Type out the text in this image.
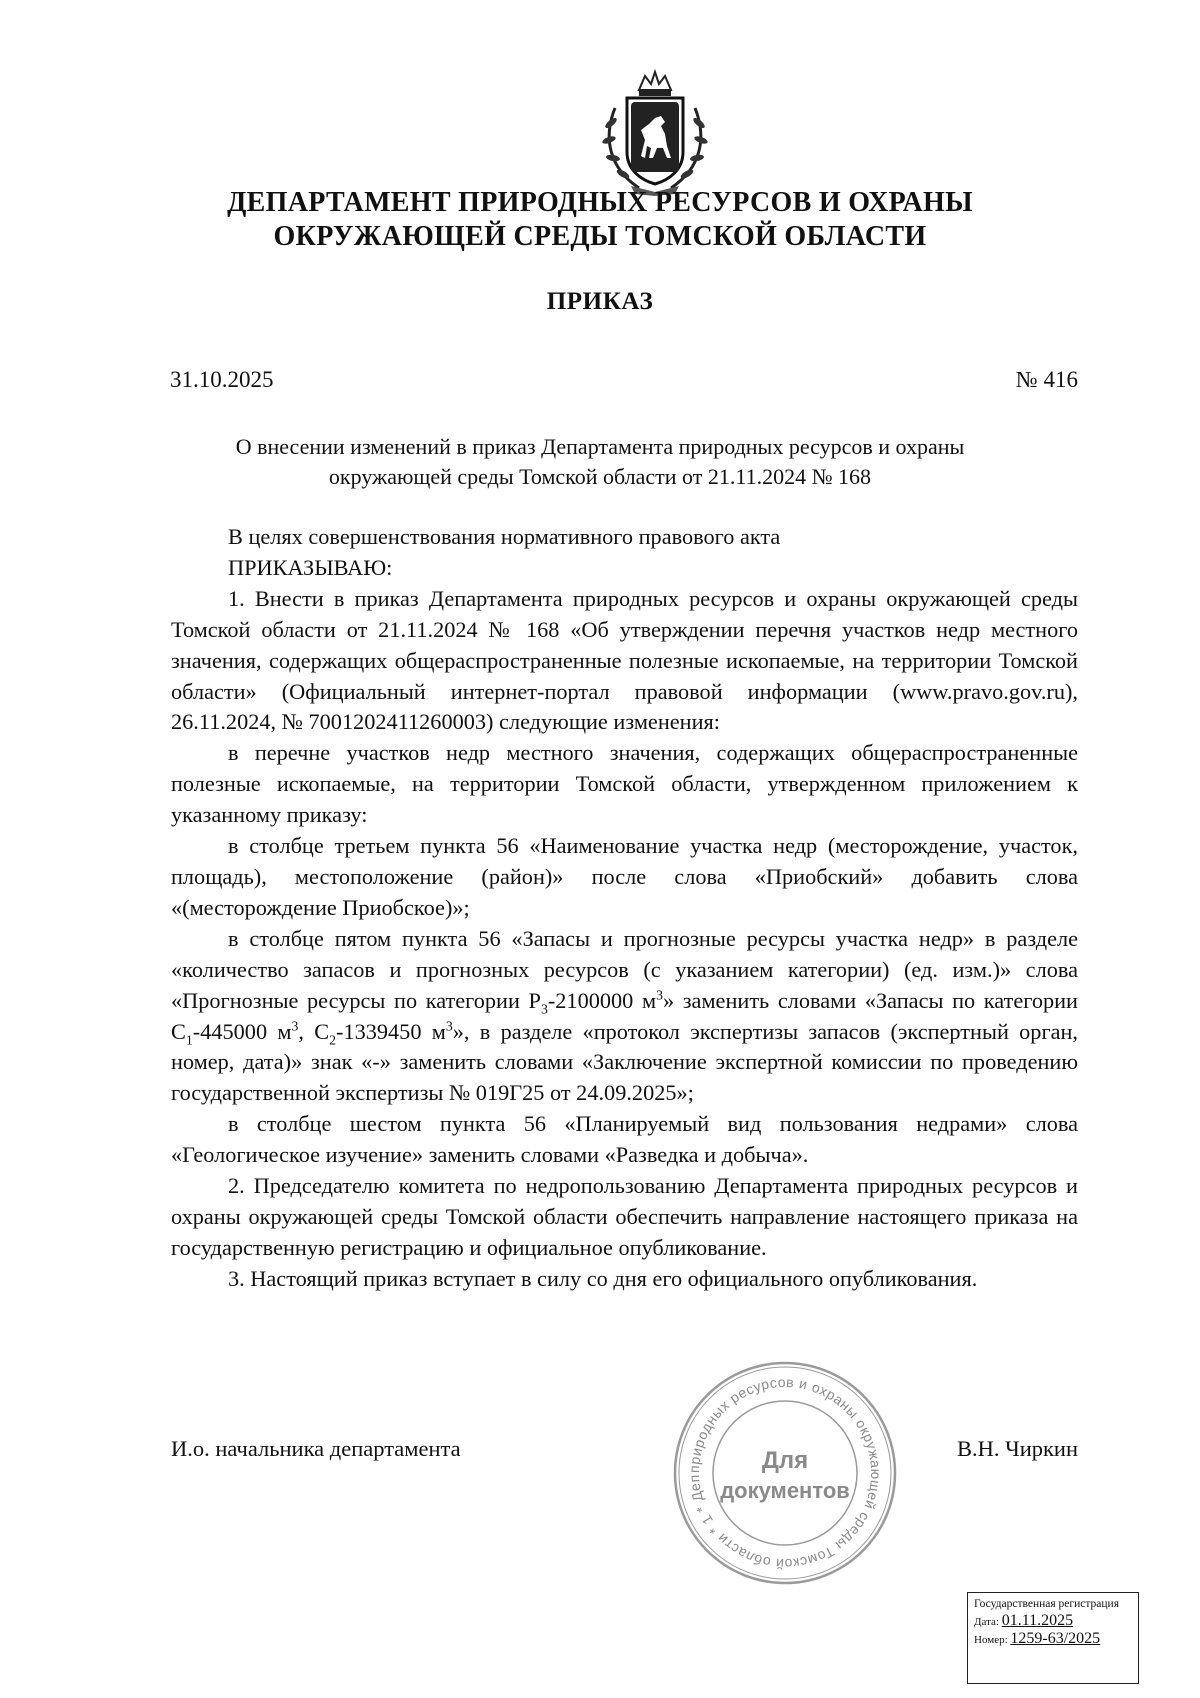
ДЕПАРТАМЕНТ ПРИРОДНЫХ РЕСУРСОВ И ОХРАНЫ
ОКРУЖАЮЩЕЙ СРЕДЫ ТОМСКОЙ ОБЛАСТИ
ПРИКАЗ
31.10.2025	№ 416
О внесении изменений в приказ Департамента природных ресурсов и охраны
окружающей среды Томской области от 21.11.2024 № 168

В целях совершенствования нормативного правового акта

ПРИКАЗЫВАЮ:

1. Внести в приказ Департамента природных ресурсов и охраны окружающей среды Томской области от 21.11.2024 № 168 «Об утверждении перечня участков недр местного значения, содержащих общераспространенные полезные ископаемые, на территории Томской области» (Официальный интернет-портал правовой информации (www.pravo.gov.ru), 26.11.2024, № 7001202411260003) следующие изменения:

в перечне участков недр местного значения, содержащих общераспространенные полезные ископаемые, на территории Томской области, утвержденном приложением к указанному приказу:

в столбце третьем пункта 56 «Наименование участка недр (месторождение, участок, площадь), местоположение (район)» после слова «Приобский» добавить слова «(месторождение Приобское)»;

в столбце пятом пункта 56 «Запасы и прогнозные ресурсы участка недр» в разделе «количество запасов и прогнозных ресурсов (с указанием категории) (ед. изм.)» слова «Прогнозные ресурсы по категории $Р_3-2100000$ $м^3$» заменить словами «Запасы по категории $С_1-445000$ $м^3$, $С_2-1339450$ $м^3$», в разделе «протокол экспертизы запасов (экспертный орган, номер, дата)» знак «-» заменить словами «Заключение экспертной комиссии по проведению государственной экспертизы № 019Г25 от 24.09.2025»;

в столбце шестом пункта 56 «Планируемый вид пользования недрами» слова «Геологическое изучение» заменить словами «Разведка и добыча».

2. Председателю комитета по недропользованию Департамента природных ресурсов и охраны окружающей среды Томской области обеспечить направление настоящего приказа на государственную регистрацию и официальное опубликование.

3. Настоящий приказ вступает в силу со дня его официального опубликования.

И.о. начальника департамента	В.Н. Чиркин
природных ресурсов и охраны окружающей среды Томской области * 1 * Деп
Для
документов
Государственная регистрация
Дата: 01.11.2025
Номер: 1259-63/2025
